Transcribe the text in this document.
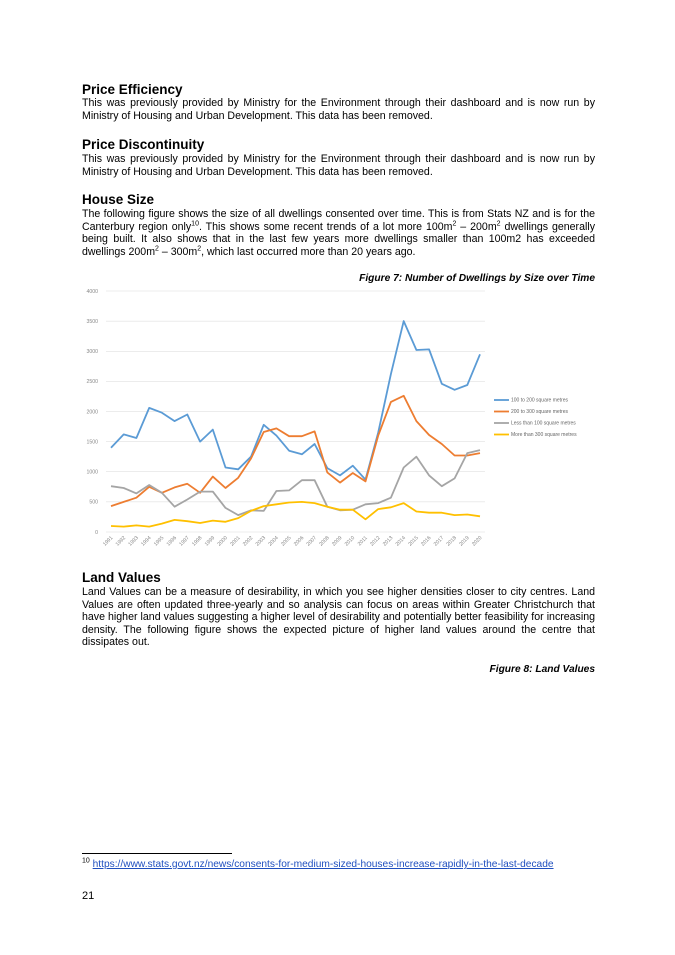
Price Efficiency

This was previously provided by Ministry for the Environment through their dashboard and is now run by Ministry of Housing and Urban Development. This data has been removed.

Price Discontinuity

This was previously provided by Ministry for the Environment through their dashboard and is now run by Ministry of Housing and Urban Development. This data has been removed.

House Size

The following figure shows the size of all dwellings consented over time. This is from Stats NZ and is for the Canterbury region only$^{10}$. This shows some recent trends of a lot more $100m^2 - 200m^2$ dwellings generally being built. It also shows that in the last few years more dwellings smaller than 100m2 has exceeded dwellings $200m^2 - 300m^2$, which last occurred more than 20 years ago.

Figure 7: Number of Dwellings by Size over Time

0
500
1000
1500
2000
2500
3000
3500
4000
1991 1992 1993 1994 1995 1996 1997 1998 1999 2000 2001 2002 2003 2004 2005 2006 2007 2008 2009 2010 2011 2012 2013 2014 2015 2016 2017 2018 2019 2020
100 to 200 square metres
200 to 300 square metres
Less than 100 square metres
More than 300 square metres
Land Values

Land Values can be a measure of desirability, in which you see higher densities closer to city centres. Land Values are often updated three-yearly and so analysis can focus on areas within Greater Christchurch that have higher land values suggesting a higher level of desirability and potentially better feasibility for increasing density. The following figure shows the expected picture of higher land values around the centre that dissipates out.

Figure 8: Land Values

$^{10}$ https://www.stats.govt.nz/news/consents-for-medium-sized-houses-increase-rapidly-in-the-last-decade

21
